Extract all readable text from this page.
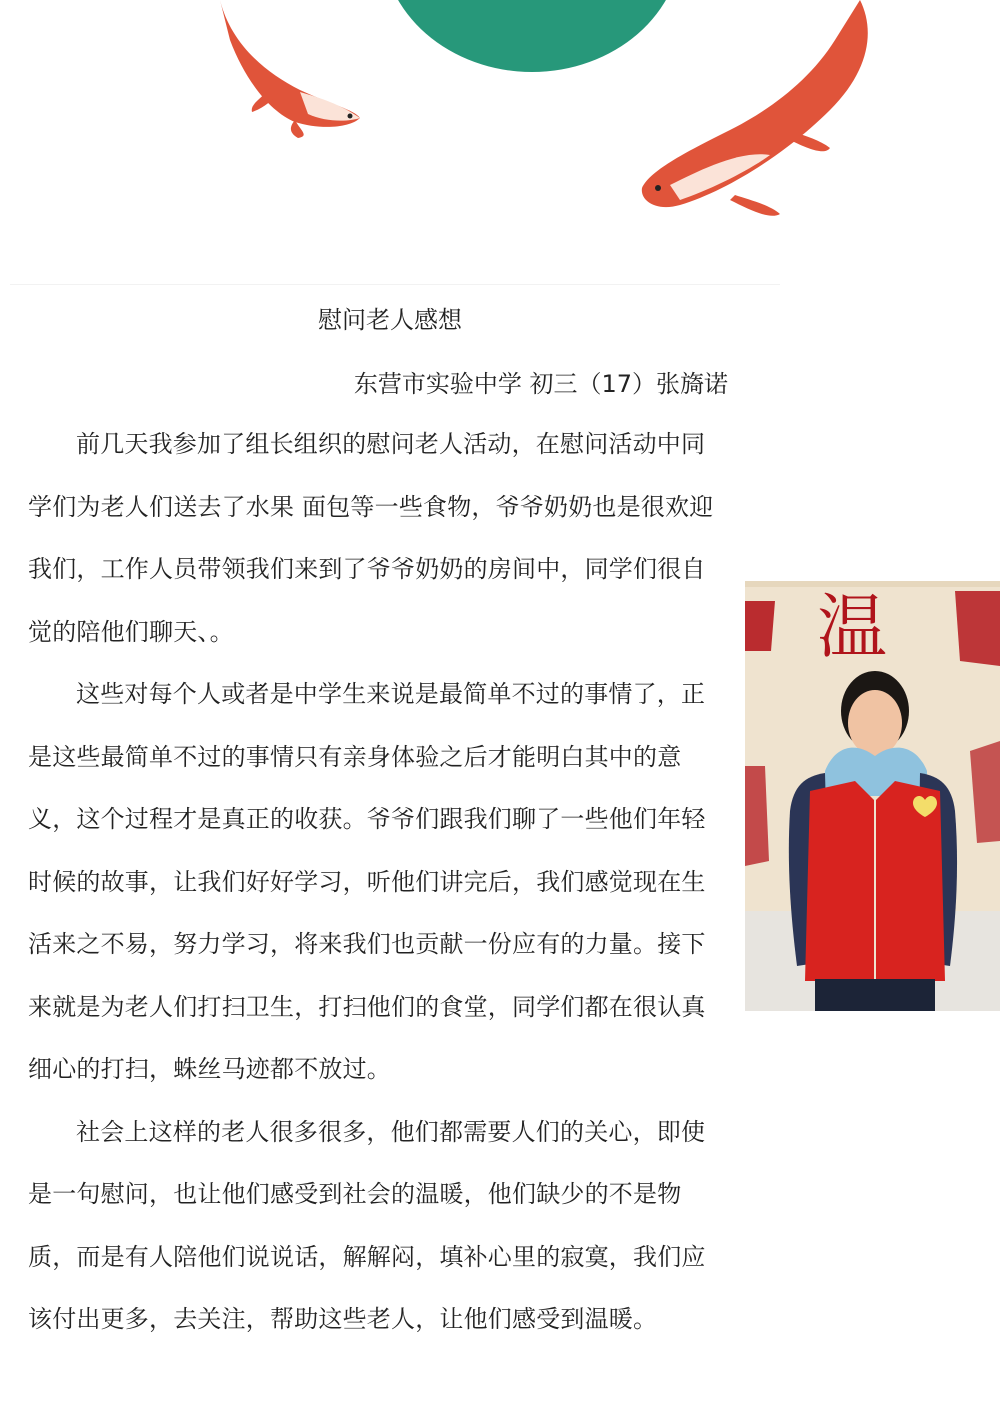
慰问老人感想
东营市实验中学 初三（17）张旖诺

前几天我参加了组长组织的慰问老人活动，在慰问活动中同学们为老人们送去了水果 面包等一些食物，爷爷奶奶也是很欢迎我们，工作人员带领我们来到了爷爷奶奶的房间中，同学们很自觉的陪他们聊天、。

这些对每个人或者是中学生来说是最简单不过的事情了，正是这些最简单不过的事情只有亲身体验之后才能明白其中的意义，这个过程才是真正的收获。爷爷们跟我们聊了一些他们年轻时候的故事，让我们好好学习，听他们讲完后，我们感觉现在生活来之不易，努力学习，将来我们也贡献一份应有的力量。接下来就是为老人们打扫卫生，打扫他们的食堂，同学们都在很认真细心的打扫，蛛丝马迹都不放过。

社会上这样的老人很多很多，他们都需要人们的关心，即使是一句慰问，也让他们感受到社会的温暖，他们缺少的不是物质，而是有人陪他们说说话，解解闷，填补心里的寂寞，我们应该付出更多，去关注，帮助这些老人，让他们感受到温暖。

温
